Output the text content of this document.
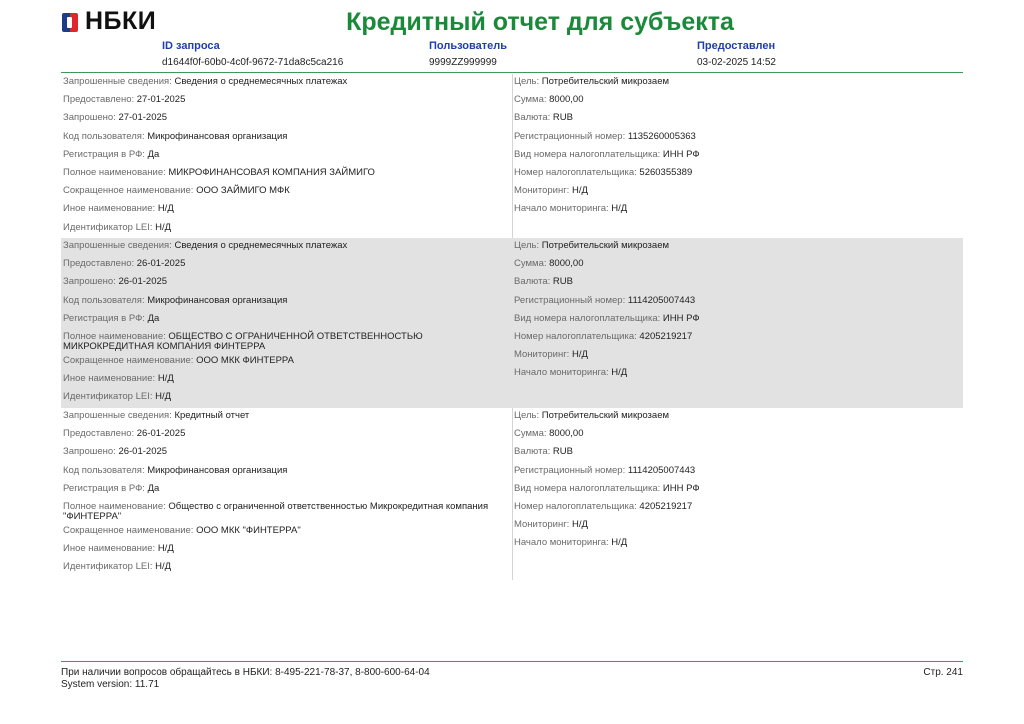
НБКИ	Кредитный отчет для субъекта
ID запроса
d1644f0f-60b0-4c0f-9672-71da8c5ca216
Пользователь
9999ZZ999999
Предоставлен
03-02-2025 14:52
Запрошенные сведения: Сведения о среднемесячных платежах
Предоставлено: 27-01-2025
Запрошено: 27-01-2025
Код пользователя: Микрофинансовая организация
Регистрация в РФ: Да
Полное наименование: МИКРОФИНАНСОВАЯ КОМПАНИЯ ЗАЙМИГО
Сокращенное наименование: ООО ЗАЙМИГО МФК
Иное наименование: Н/Д
Идентификатор LEI: Н/Д
Цель: Потребительский микрозаем
Сумма: 8000,00
Валюта: RUB
Регистрационный номер: 1135260005363
Вид номера налогоплательщика: ИНН РФ
Номер налогоплательщика: 5260355389
Мониторинг: Н/Д
Начало мониторинга: Н/Д
Запрошенные сведения: Сведения о среднемесячных платежах
Предоставлено: 26-01-2025
Запрошено: 26-01-2025
Код пользователя: Микрофинансовая организация
Регистрация в РФ: Да
Полное наименование: ОБЩЕСТВО С ОГРАНИЧЕННОЙ ОТВЕТСТВЕННОСТЬЮ МИКРОКРЕДИТНАЯ КОМПАНИЯ ФИНТЕРРА
Сокращенное наименование: ООО МКК ФИНТЕРРА
Иное наименование: Н/Д
Идентификатор LEI: Н/Д
Цель: Потребительский микрозаем
Сумма: 8000,00
Валюта: RUB
Регистрационный номер: 1114205007443
Вид номера налогоплательщика: ИНН РФ
Номер налогоплательщика: 4205219217
Мониторинг: Н/Д
Начало мониторинга: Н/Д
Запрошенные сведения: Кредитный отчет
Предоставлено: 26-01-2025
Запрошено: 26-01-2025
Код пользователя: Микрофинансовая организация
Регистрация в РФ: Да
Полное наименование: Общество с ограниченной ответственностью Микрокредитная компания "ФИНТЕРРА"
Сокращенное наименование: ООО МКК "ФИНТЕРРА"
Иное наименование: Н/Д
Идентификатор LEI: Н/Д
Цель: Потребительский микрозаем
Сумма: 8000,00
Валюта: RUB
Регистрационный номер: 1114205007443
Вид номера налогоплательщика: ИНН РФ
Номер налогоплательщика: 4205219217
Мониторинг: Н/Д
Начало мониторинга: Н/Д
При наличии вопросов обращайтесь в НБКИ: 8-495-221-78-37, 8-800-600-64-04
System version: 11.71
Стр. 241
